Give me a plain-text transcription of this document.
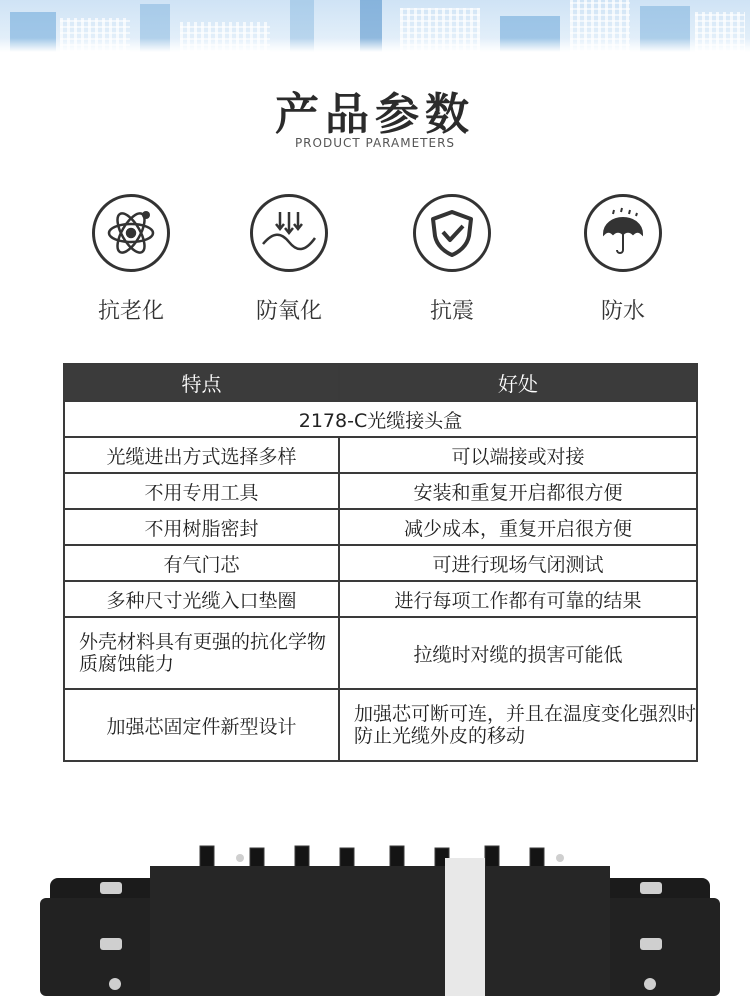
产品参数
PRODUCT PARAMETERS
抗老化	防氧化	抗震	防水
特点	好处
2178-C光缆接头盒	
光缆进出方式选择多样	可以端接或对接
不用专用工具	安装和重复开启都很方便
不用树脂密封	减少成本，重复开启很方便
有气门芯	可进行现场气闭测试
多种尺寸光缆入口垫圈	进行每项工作都有可靠的结果
外壳材料具有更强的抗化学物质腐蚀能力	拉缆时对缆的损害可能低
加强芯固定件新型设计	加强芯可断可连，并且在温度变化强烈时防止光缆外皮的移动
